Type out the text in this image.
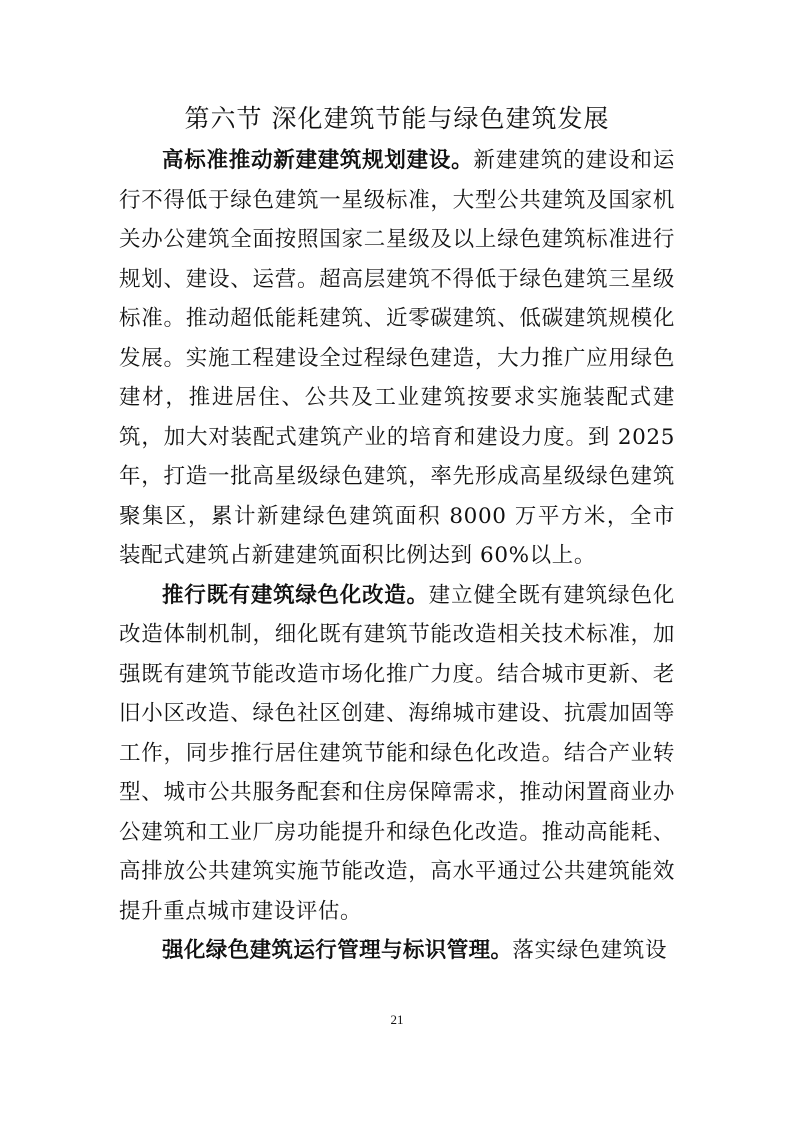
第六节 深化建筑节能与绿色建筑发展

高标准推动新建建筑规划建设。新建建筑的建设和运行不得低于绿色建筑一星级标准，大型公共建筑及国家机关办公建筑全面按照国家二星级及以上绿色建筑标准进行规划、建设、运营。超高层建筑不得低于绿色建筑三星级标准。推动超低能耗建筑、近零碳建筑、低碳建筑规模化发展。实施工程建设全过程绿色建造，大力推广应用绿色建材，推进居住、公共及工业建筑按要求实施装配式建筑，加大对装配式建筑产业的培育和建设力度。到 2025 年，打造一批高星级绿色建筑，率先形成高星级绿色建筑聚集区，累计新建绿色建筑面积 8000 万平方米，全市装配式建筑占新建建筑面积比例达到 60%以上。

推行既有建筑绿色化改造。建立健全既有建筑绿色化改造体制机制，细化既有建筑节能改造相关技术标准，加强既有建筑节能改造市场化推广力度。结合城市更新、老旧小区改造、绿色社区创建、海绵城市建设、抗震加固等工作，同步推行居住建筑节能和绿色化改造。结合产业转型、城市公共服务配套和住房保障需求，推动闲置商业办公建筑和工业厂房功能提升和绿色化改造。推动高能耗、高排放公共建筑实施节能改造，高水平通过公共建筑能效提升重点城市建设评估。

强化绿色建筑运行管理与标识管理。落实绿色建筑设

21
